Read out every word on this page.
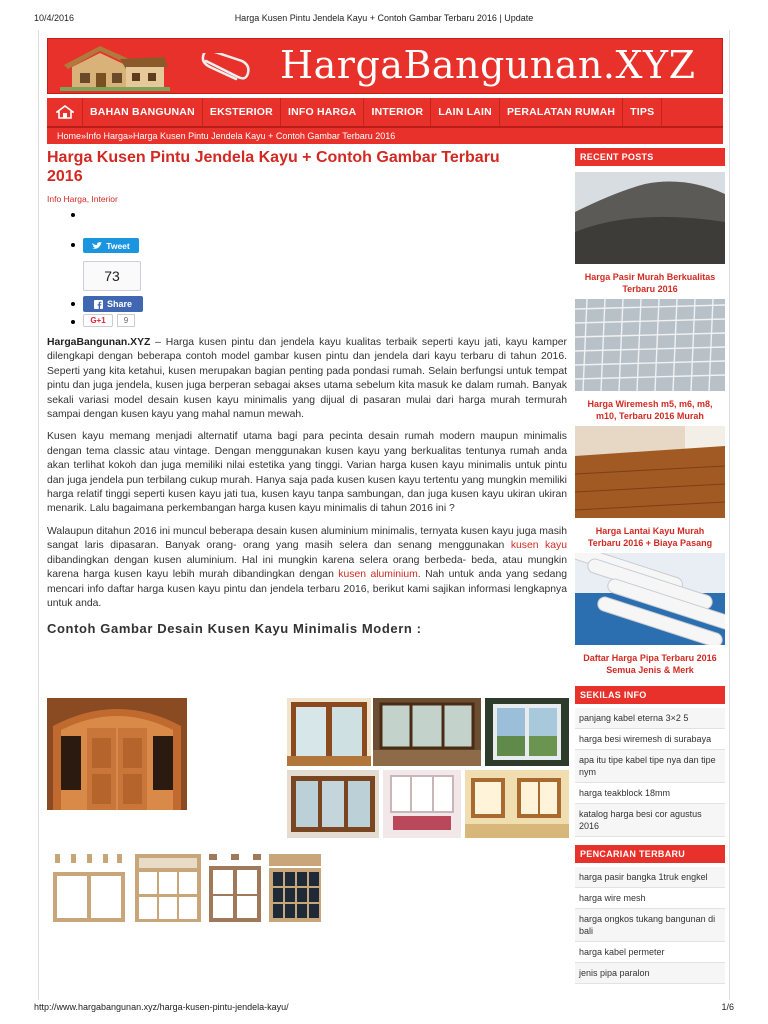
10/4/2016	Harga Kusen Pintu Jendela Kayu + Contoh Gambar Terbaru 2016 | Update
HargaBangunan.XYZ
BAHAN BANGUNAN	EKSTERIOR	INFO HARGA	INTERIOR	LAIN LAIN	PERALATAN RUMAH	TIPS
Home»Info Harga»Harga Kusen Pintu Jendela Kayu + Contoh Gambar Terbaru 2016
Harga Kusen Pintu Jendela Kayu + Contoh Gambar Terbaru 2016
Info Harga, Interior
Tweet
73
Share
G+1	9

HargaBangunan.XYZ – Harga kusen pintu dan jendela kayu kualitas terbaik seperti kayu jati, kayu kamper dilengkapi dengan beberapa contoh model gambar kusen pintu dan jendela dari kayu terbaru di tahun 2016. Seperti yang kita ketahui, kusen merupakan bagian penting pada pondasi rumah. Selain berfungsi untuk tempat pintu dan juga jendela, kusen juga berperan sebagai akses utama sebelum kita masuk ke dalam rumah. Banyak sekali variasi model desain kusen kayu minimalis yang dijual di pasaran mulai dari harga murah termurah sampai dengan kusen kayu yang mahal namun mewah.

Kusen kayu memang menjadi alternatif utama bagi para pecinta desain rumah modern maupun minimalis dengan tema classic atau vintage. Dengan menggunakan kusen kayu yang berkualitas tentunya rumah anda akan terlihat kokoh dan juga memiliki nilai estetika yang tinggi. Varian harga kusen kayu minimalis untuk pintu dan juga jendela pun terbilang cukup murah. Hanya saja pada kusen kusen kayu tertentu yang mungkin memiliki harga relatif tinggi seperti kusen kayu jati tua, kusen kayu tanpa sambungan, dan juga kusen kayu ukiran ukiran menarik. Lalu bagaimana perkembangan harga kusen kayu minimalis di tahun 2016 ini ?

Walaupun ditahun 2016 ini muncul beberapa desain kusen aluminium minimalis, ternyata kusen kayu juga masih sangat laris dipasaran. Banyak orang- orang yang masih selera dan senang menggunakan kusen kayu dibandingkan dengan kusen aluminium. Hal ini mungkin karena selera orang berbeda- beda, atau mungkin karena harga kusen kayu lebih murah dibandingkan dengan kusen aluminium. Nah untuk anda yang sedang mencari info daftar harga kusen kayu pintu dan jendela terbaru 2016, berikut kami sajikan informasi lengkapnya untuk anda.

Contoh Gambar Desain Kusen Kayu Minimalis Modern :
RECENT POSTS
Harga Pasir Murah Berkualitas Terbaru 2016
Harga Wiremesh m5, m6, m8, m10, Terbaru 2016 Murah
Harga Lantai Kayu Murah Terbaru 2016 + Biaya Pasang
Daftar Harga Pipa Terbaru 2016 Semua Jenis & Merk
SEKILAS INFO
panjang kabel eterna 3×2 5
harga besi wiremesh di surabaya
apa itu tipe kabel tipe nya dan tipe nym
harga teakblock 18mm
katalog harga besi cor agustus 2016
PENCARIAN TERBARU
harga pasir bangka 1truk engkel
harga wire mesh
harga ongkos tukang bangunan di bali
harga kabel permeter
jenis pipa paralon
http://www.hargabangunan.xyz/harga-kusen-pintu-jendela-kayu/	1/6
